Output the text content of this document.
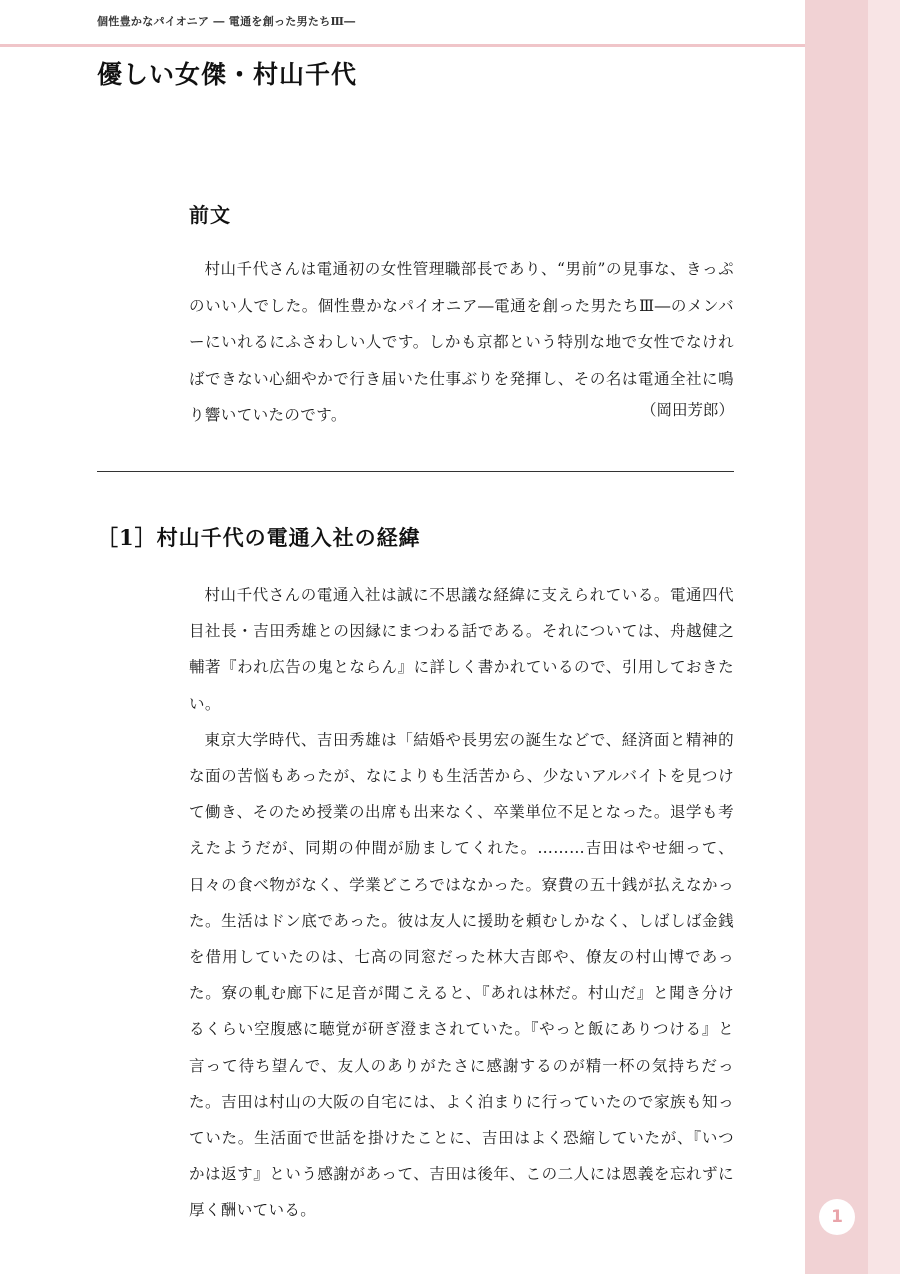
個性豊かなパイオニア ― 電通を創った男たちⅢ―
優しい女傑・村山千代
前文

村山千代さんは電通初の女性管理職部長であり、“男前”の見事な、きっぷのいい人でした。個性豊かなパイオニア―電通を創った男たちⅢ―のメンバーにいれるにふさわしい人です。しかも京都という特別な地で女性でなければできない心細やかで行き届いた仕事ぶりを発揮し、その名は電通全社に鳴り響いていたのです。	（岡田芳郎）
［1］村山千代の電通入社の経緯

村山千代さんの電通入社は誠に不思議な経緯に支えられている。電通四代目社長・吉田秀雄との因縁にまつわる話である。それについては、舟越健之輔著『われ広告の鬼とならん』に詳しく書かれているので、引用しておきたい。

東京大学時代、吉田秀雄は「結婚や長男宏の誕生などで、経済面と精神的な面の苦悩もあったが、なによりも生活苦から、少ないアルバイトを見つけて働き、そのため授業の出席も出来なく、卒業単位不足となった。退学も考えたようだが、同期の仲間が励ましてくれた。………吉田はやせ細って、日々の食べ物がなく、学業どころではなかった。寮費の五十銭が払えなかった。生活はドン底であった。彼は友人に援助を頼むしかなく、しばしば金銭を借用していたのは、七高の同窓だった林大吉郎や、僚友の村山博であった。寮の軋む廊下に足音が聞こえると、『あれは林だ。村山だ』と聞き分けるくらい空腹感に聴覚が研ぎ澄まされていた。『やっと飯にありつける』と言って待ち望んで、友人のありがたさに感謝するのが精一杯の気持ちだった。吉田は村山の大阪の自宅には、よく泊まりに行っていたので家族も知っていた。生活面で世話を掛けたことに、吉田はよく恐縮していたが、『いつかは返す』という感謝があって、吉田は後年、この二人には恩義を忘れずに厚く酬いている。	1
